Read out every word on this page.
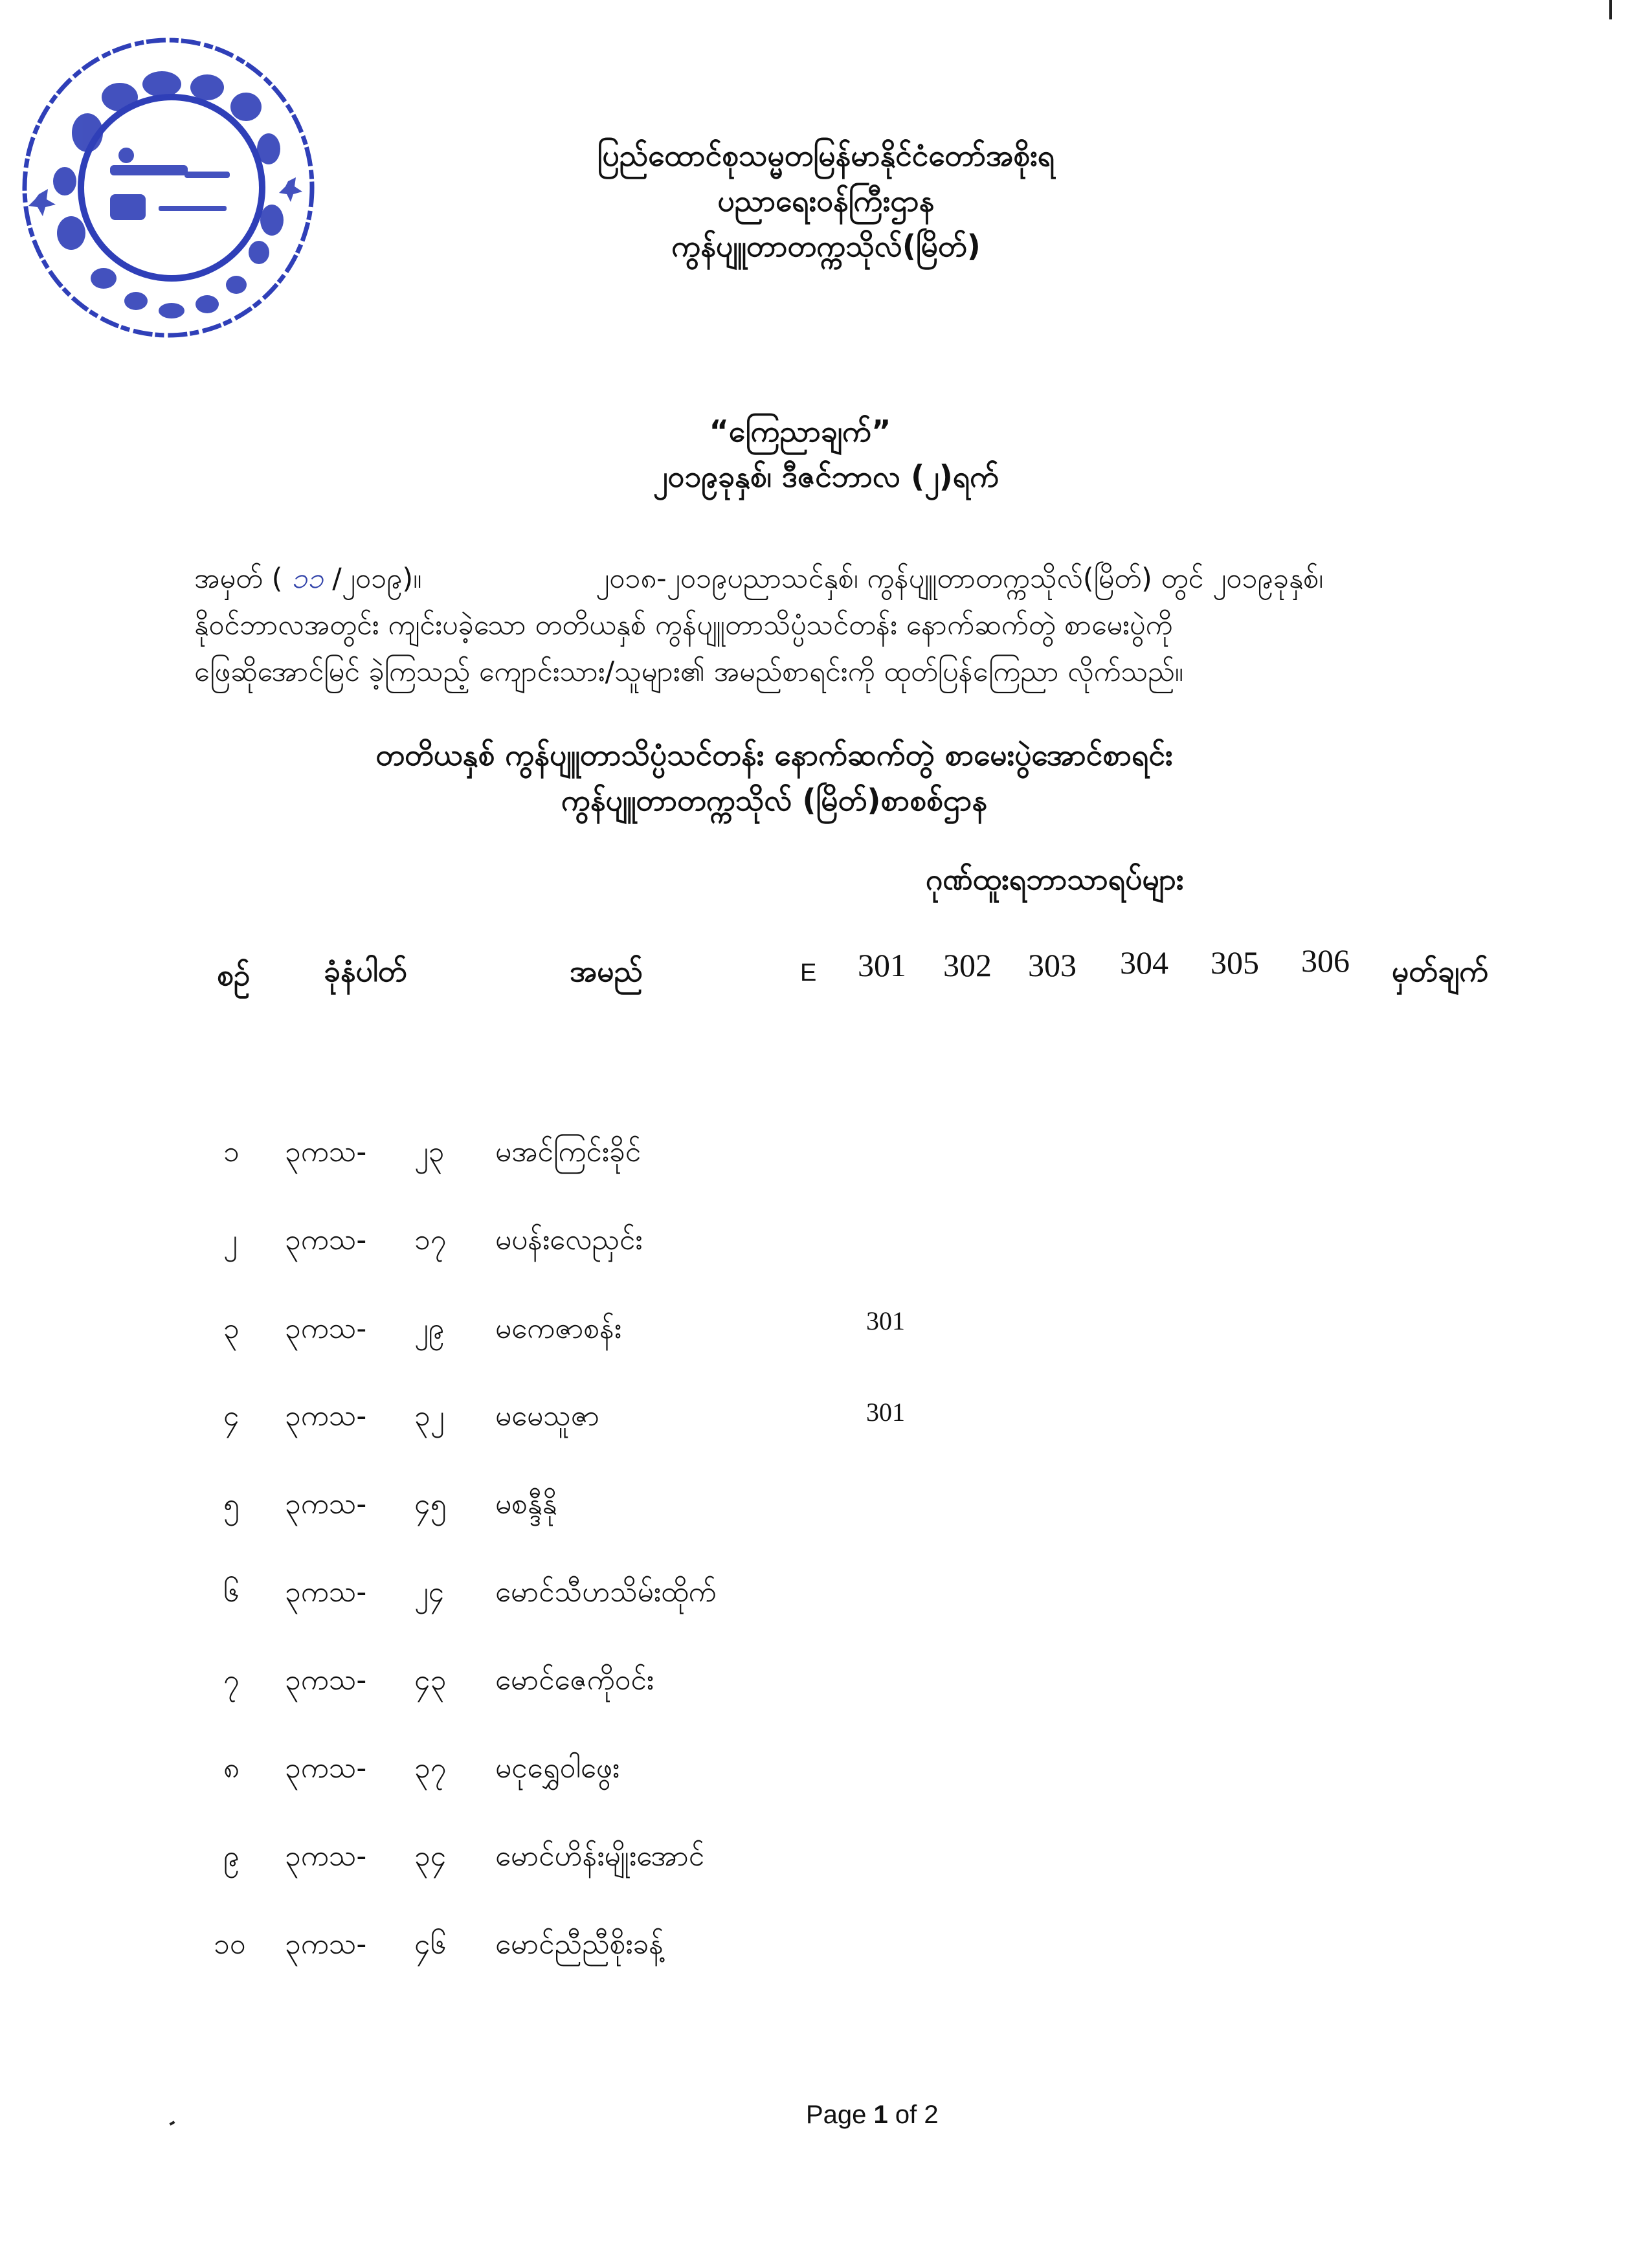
ပြည်ထောင်စုသမ္မတမြန်မာနိုင်ငံတော်အစိုးရ
ပညာရေးဝန်ကြီးဌာန
ကွန်ပျူတာတက္ကသိုလ်(မြိတ်)
“ကြေညာချက်”
၂၀၁၉ခုနှစ်၊ ဒီဇင်ဘာလ (၂)ရက်
အမှတ် ( ၁၁ /၂၀၁၉)။	၂၀၁၈-၂၀၁၉ပညာသင်နှစ်၊ ကွန်ပျူတာတက္ကသိုလ်(မြိတ်) တွင် ၂၀၁၉ခုနှစ်၊
နိုဝင်ဘာလအတွင်း ကျင်းပခဲ့သော တတိယနှစ် ကွန်ပျူတာသိပ္ပံသင်တန်း နောက်ဆက်တွဲ စာမေးပွဲကို
ဖြေဆိုအောင်မြင် ခဲ့ကြသည့် ကျောင်းသား/သူများ၏ အမည်စာရင်းကို ထုတ်ပြန်ကြေညာ လိုက်သည်။
တတိယနှစ် ကွန်ပျူတာသိပ္ပံသင်တန်း နောက်ဆက်တွဲ စာမေးပွဲအောင်စာရင်း
ကွန်ပျူတာတက္ကသိုလ် (မြိတ်)စာစစ်ဌာန
ဂုဏ်ထူးရဘာသာရပ်များ
စဥ် ခုံနံပါတ်	အမည်	E 301 302 303 304 305 306 မှတ်ချက်
၁ ၃ကသ- ၂၃ မအင်ကြင်းခိုင်
၂ ၃ကသ- ၁၇ မပန်းလေညှင်း
၃ ၃ကသ- ၂၉ မကေဇာစန်း	301
၄ ၃ကသ- ၃၂ မမေသူဇာ	301
၅ ၃ကသ- ၄၅ မစန္ဒီနို
၆ ၃ကသ- ၂၄ မောင်သီဟသိမ်းထိုက်
၇ ၃ကသ- ၄၃ မောင်ဇေကိုဝင်း
၈ ၃ကသ- ၃၇ မငုရွှေဝါဖွေး
၉ ၃ကသ- ၃၄ မောင်ဟိန်းမျိုးအောင်
၁၀ ၃ကသ- ၄၆ မောင်ညီညီစိုးခန့်
Page 1 of 2
